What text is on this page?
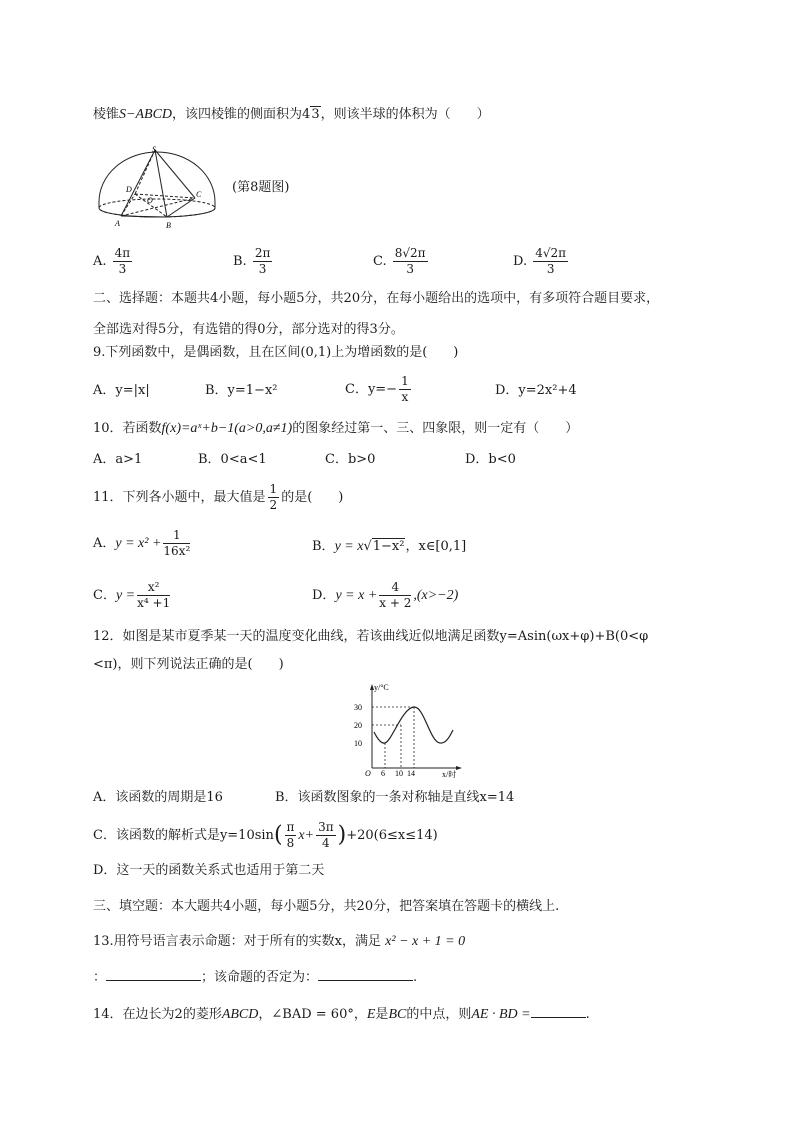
棱锥S−ABCD，该四棱锥的侧面积为43，则该半球的体积为（　　）
S
D
O
C
A	B
(第8题图)
A. $\frac{4\pi}{3}$	B. $\frac{2\pi}{3}$	C. $\frac{8√2\pi}{3}$	D. $\frac{4√2\pi}{3}$
二、选择题：本题共4小题，每小题5分，共20分，在每小题给出的选项中，有多项符合题目要求，
全部选对得5分，有选错的得0分，部分选对的得3分。
9.下列函数中，是偶函数，且在区间(0,1)上为增函数的是(　　)
A．y=|x|	B．y=1−x²	C．$y=- \frac{1}{x}$	D．y=2x²+4
10．若函数f(x)=aˣ+b−1(a>0,a≠1)的图象经过第一、三、四象限，则一定有（　　）
A．a>1	B．0<a<1	C．b>0	D．b<0
11．下列各小题中，最大值是 $\frac{1}{2}$ 的是(　　)
A．$y = x^2 + \frac{1}{\text{16x²}}$	B．y = x√1−x²，x∈[0,1]
C．$y = \frac{\text{x²}}{\text{x⁴ +1}}$	D．$y = x + \frac{4}{x + 2} ,(x>-2)$
12．如图是某市夏季某一天的温度变化曲线，若该曲线近似地满足函数y=Asin(ωx+φ)+B(0<φ
<π)，则下列说法正确的是(　　)
y/°C
x/时
O
30
20
10
6 10 14
A．该函数的周期是16	B．该函数图象的一条对称轴是直线x=14
C．该函数的解析式是$y=10\sin( \frac{\pi}{8} x+ \frac{3\pi}{4} )+20(6\le x\le 14)$
D．这一天的函数关系式也适用于第二天
三、填空题：本大题共4小题，每小题5分，共20分，把答案填在答题卡的横线上.
13.用符号语言表示命题：对于所有的实数x，满足 x² − x + 1 = 0
：	；该命题的否定为：	.
14．在边长为2的菱形ABCD，∠BAD = 60°，E是BC的中点，则AE · BD =	.
